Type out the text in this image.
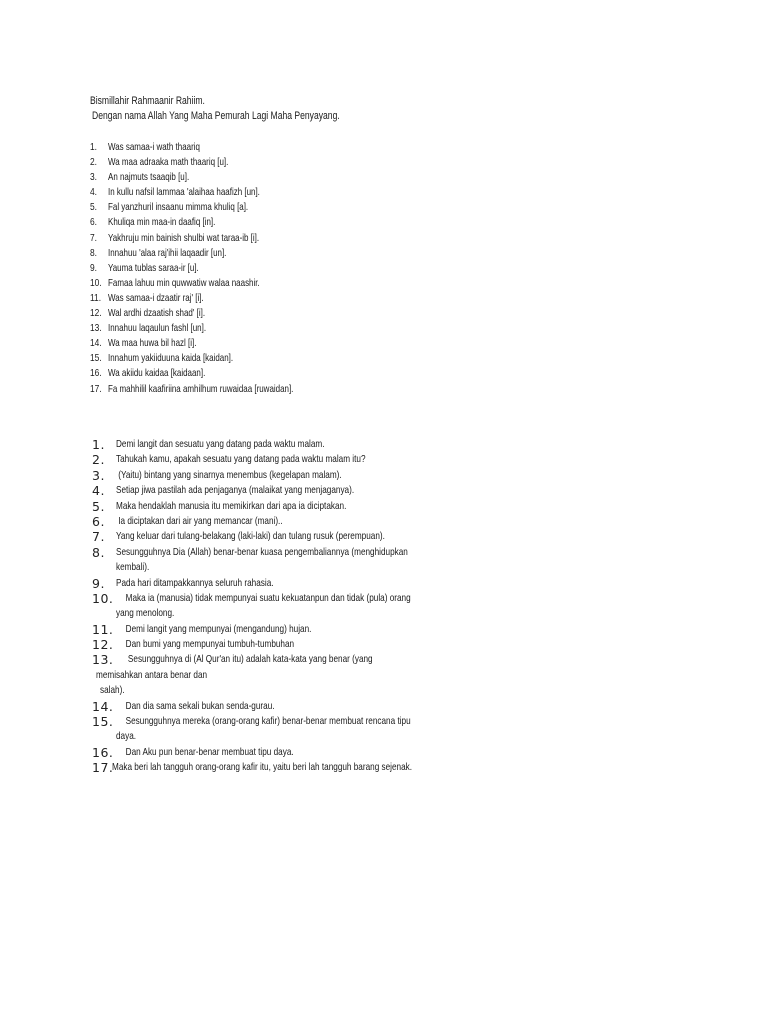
Bismillahir Rahmaanir Rahiim.
Dengan nama Allah Yang Maha Pemurah Lagi Maha Penyayang.
1.	Was samaa-i wath thaariq
2.	Wa maa adraaka math thaariq [u].
3.	An najmuts tsaaqib [u].
4.	In kullu nafsil lammaa 'alaihaa haafizh [un].
5.	Fal yanzhuril insaanu mimma khuliq [a].
6.	Khuliqa min maa-in daafiq [in].
7.	Yakhruju min bainish shulbi wat taraa-ib [i].
8.	Innahuu 'alaa raj'ihii laqaadir [un].
9.	Yauma tublas saraa-ir [u].
10. Famaa lahuu min quwwatiw walaa naashir.
11. Was samaa-i dzaatir raj' [i].
12. Wal ardhi dzaatish shad' [i].
13. Innahuu laqaulun fashl [un].
14. Wa maa huwa bil hazl [i].
15. Innahum yakiiduuna kaida [kaidan].
16. Wa akiidu kaidaa [kaidaan].
17. Fa mahhilil kaafiriina amhilhum ruwaidaa [ruwaidan].
1. Demi langit dan sesuatu yang datang pada waktu malam.
2. Tahukah kamu, apakah sesuatu yang datang pada waktu malam itu?
3. (Yaitu) bintang yang sinarnya menembus (kegelapan malam).
4. Setiap jiwa pastilah ada penjaganya (malaikat yang menjaganya).
5. Maka hendaklah manusia itu memikirkan dari apa ia diciptakan.
6. Ia diciptakan dari air yang memancar (mani)..
7. Yang keluar dari tulang-belakang (laki-laki) dan tulang rusuk (perempuan).
8. Sesungguhnya Dia (Allah) benar-benar kuasa pengembaliannya (menghidupkan
kembali).
9. Pada hari ditampakkannya seluruh rahasia.
10.
Maka ia (manusia) tidak mempunyai suatu kekuatanpun dan tidak (pula) orang
yang menolong.
11.
Demi langit yang mempunyai (mengandung) hujan.
12.
Dan bumi yang mempunyai tumbuh-tumbuhan
13.
Sesungguhnya di (Al Qur'an itu) adalah kata-kata yang benar (yang
memisahkan antara benar dan
salah).
14.
Dan dia sama sekali bukan senda-gurau.
15.
Sesungguhnya mereka (orang-orang kafir) benar-benar membuat rencana tipu
daya.
16.
Dan Aku pun benar-benar membuat tipu daya.
17.
Maka beri lah tangguh orang-orang kafir itu, yaitu beri lah tangguh barang sejenak.
